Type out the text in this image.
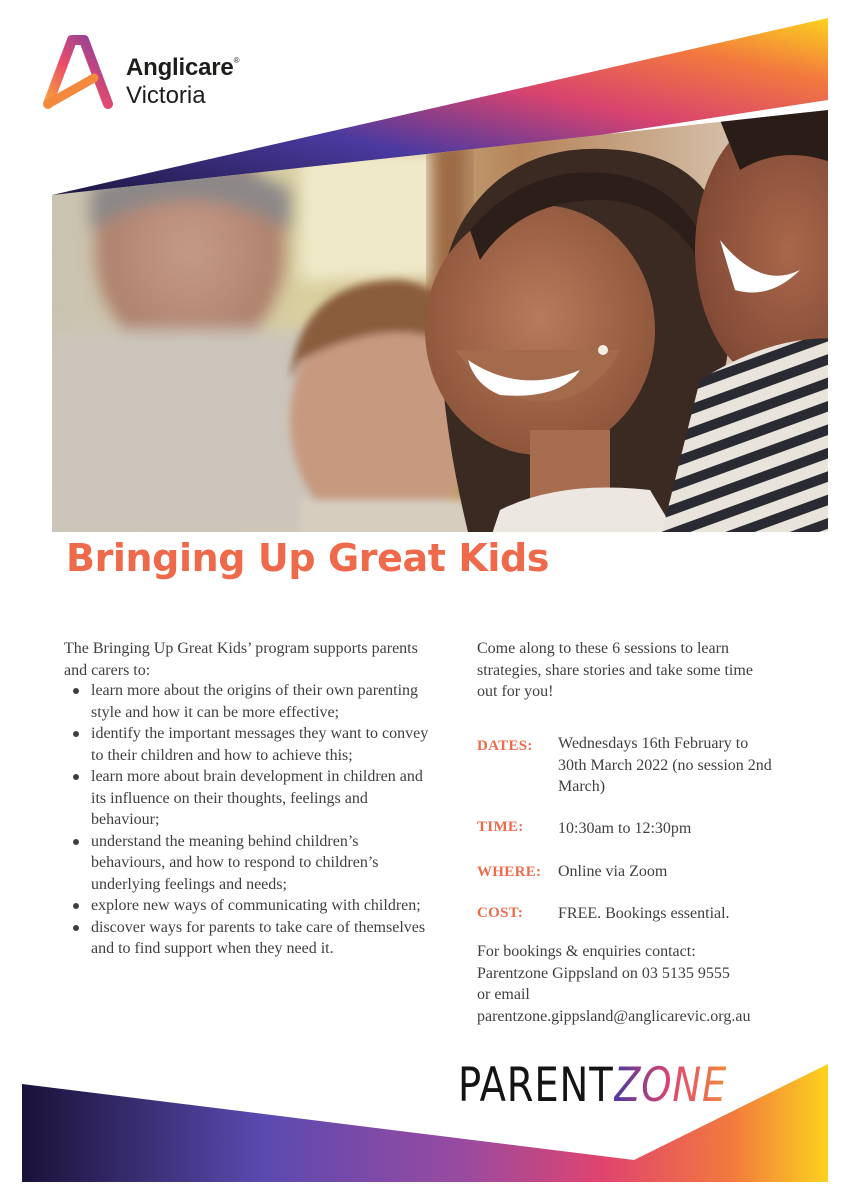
Anglicare®
Victoria
Bringing Up Great Kids

The Bringing Up Great Kids’ program supports parents and carers to:

learn more about the origins of their own parenting style and how it can be more effective;
identify the important messages they want to convey to their children and how to achieve this;
learn more about brain development in children and its influence on their thoughts, feelings and behaviour;
understand the meaning behind children’s behaviours, and how to respond to children’s underlying feelings and needs;
explore new ways of communicating with children;
discover ways for parents to take care of themselves and to find support when they need it.

Come along to these 6 sessions to learn strategies, share stories and take some time out for you!

DATES:	Wednesdays 16th February to 30th March 2022 (no session 2nd March)
TIME:	10:30am to 12:30pm
WHERE:	Online via Zoom
COST:	FREE. Bookings essential.
For bookings & enquiries contact:
Parentzone Gippsland on 03 5135 9555
or email
parentzone.gippsland@anglicarevic.org.au
PARENTZONE
